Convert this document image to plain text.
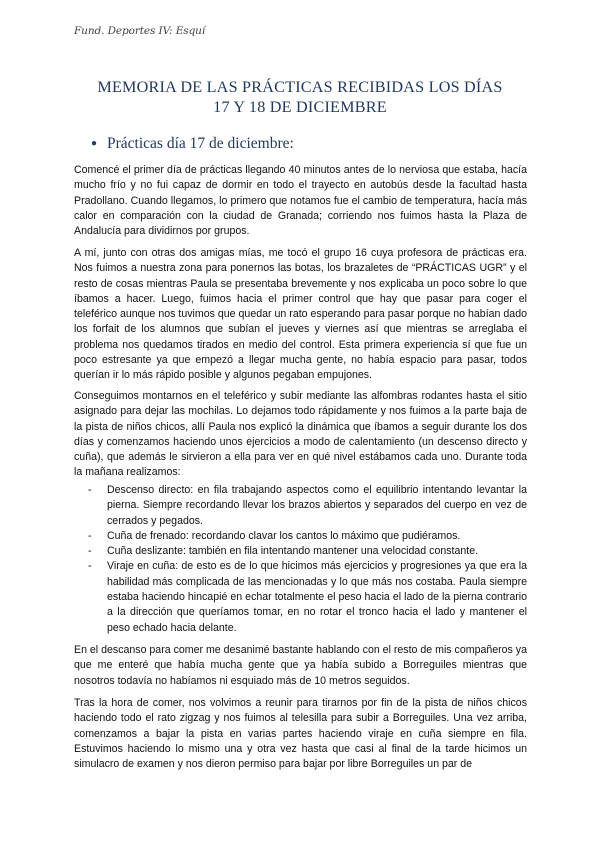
Fund. Deportes IV: Esquí
MEMORIA DE LAS PRÁCTICAS RECIBIDAS LOS DÍAS
17 Y 18 DE DICIEMBRE
● Prácticas día 17 de diciembre:
Comencé el primer día de prácticas llegando 40 minutos antes de lo nerviosa que estaba, hacía mucho frío y no fui capaz de dormir en todo el trayecto en autobús desde la facultad hasta Pradollano. Cuando llegamos, lo primero que notamos fue el cambio de temperatura, hacía más calor en comparación con la ciudad de Granada; corriendo nos fuimos hasta la Plaza de Andalucía para dividirnos por grupos.
A mí, junto con otras dos amigas mías, me tocó el grupo 16 cuya profesora de prácticas era. Nos fuimos a nuestra zona para ponernos las botas, los brazaletes de “PRÁCTICAS UGR” y el resto de cosas mientras Paula se presentaba brevemente y nos explicaba un poco sobre lo que íbamos a hacer. Luego, fuimos hacia el primer control que hay que pasar para coger el teleférico aunque nos tuvimos que quedar un rato esperando para pasar porque no habían dado los forfait de los alumnos que subían el jueves y viernes así que mientras se arreglaba el problema nos quedamos tirados en medio del control. Esta primera experiencia sí que fue un poco estresante ya que empezó a llegar mucha gente, no había espacio para pasar, todos querían ir lo más rápido posible y algunos pegaban empujones.
Conseguimos montarnos en el teleférico y subir mediante las alfombras rodantes hasta el sitio asignado para dejar las mochilas. Lo dejamos todo rápidamente y nos fuimos a la parte baja de la pista de niños chicos, allí Paula nos explicó la dinámica que íbamos a seguir durante los dos días y comenzamos haciendo unos ejercicios a modo de calentamiento (un descenso directo y cuña), que además le sirvieron a ella para ver en qué nivel estábamos cada uno. Durante toda la mañana realizamos:
- Descenso directo: en fila trabajando aspectos como el equilibrio intentando levantar la pierna. Siempre recordando llevar los brazos abiertos y separados del cuerpo en vez de cerrados y pegados.
- Cuña de frenado: recordando clavar los cantos lo máximo que pudiéramos.
- Cuña deslizante: también en fila intentando mantener una velocidad constante.
- Viraje en cuña: de esto es de lo que hicimos más ejercicios y progresiones ya que era la habilidad más complicada de las mencionadas y lo que más nos costaba. Paula siempre estaba haciendo hincapié en echar totalmente el peso hacia el lado de la pierna contrario a la dirección que queríamos tomar, en no rotar el tronco hacia el lado y mantener el peso echado hacia delante.
En el descanso para comer me desanimé bastante hablando con el resto de mis compañeros ya que me enteré que había mucha gente que ya había subido a Borreguiles mientras que nosotros todavía no habíamos ni esquiado más de 10 metros seguidos.
Tras la hora de comer, nos volvimos a reunir para tirarnos por fin de la pista de niños chicos haciendo todo el rato zigzag y nos fuimos al telesilla para subir a Borreguiles. Una vez arriba, comenzamos a bajar la pista en varias partes haciendo viraje en cuña siempre en fila. Estuvimos haciendo lo mismo una y otra vez hasta que casi al final de la tarde hicimos un simulacro de examen y nos dieron permiso para bajar por libre Borreguiles un par de
